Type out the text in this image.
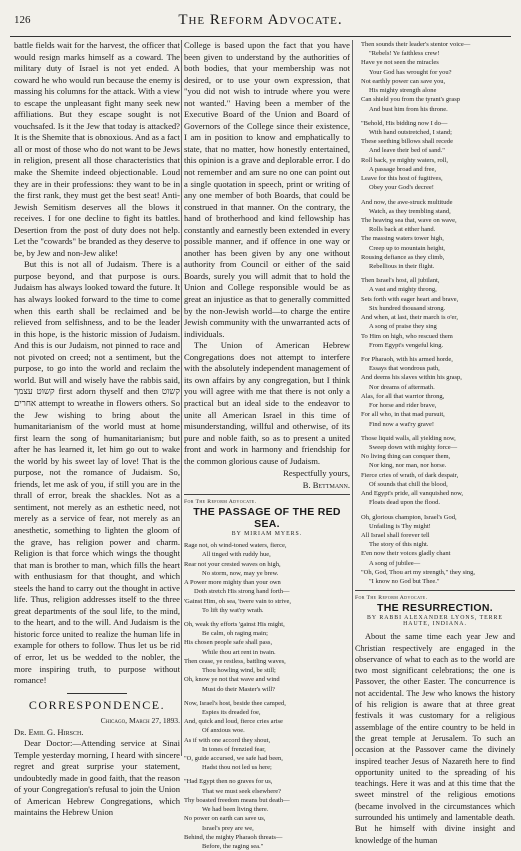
126	The Reform Advocate.

battle fields wait for the harvest, the officer that would resign marks himself as a coward. The military duty of Israel is not yet ended. A coward he who would run because the enemy is massing his columns for the attack. With a view to escape the unpleasant fight many seek new affiliations. But they escape sought is not vouchsafed. Is it the Jew that today is attacked? It is the Shemite that is obnoxious. And as a fact all or most of those who do not want to be Jews in religion, present all those characteristics that make the Shemite indeed objectionable. Loud they are in their professions: they want to be in the first rank, they must get the best seat! Anti-Jewish Semitism deserves all the blows it receives. I for one decline to fight its battles. Desertion from the post of duty does not help. Let the "cowards" be branded as they deserve to be, by Jew and non-Jew alike!

But this is not all of Judaism. There is a purpose beyond, and that purpose is ours. Judaism has always looked toward the future. It has always looked forward to the time to come when this earth shall be reclaimed and be relieved from selfishness, and to be the leader in this hope, is the historic mission of Judaism. And this is our Judaism, not pinned to race and not pivoted on creed; not a sentiment, but the purpose, to go into the world and reclaim the world. But will and wisely have the rabbis said, קשוט עצמך first adorn thyself and then קשוט אחרים attempt to wreathe in flowers others. So the Jew wishing to bring about the humanitarianism of the world must at home first learn the song of humanitarianism; but after he has learned it, let him go out to wake the world by his sweet lay of love! That is the purpose, not the romance of Judaism. So, friends, let me ask of you, if still you are in the thrall of error, break the shackles. Not as a sentiment, not merely as an esthetic need, not merely as a service of fear, not merely as an anesthetic, something to lighten the gloom of the grave, has religion power and charm. Religion is that force which wings the thought that man is brother to man, which fills the heart with enthusiasm for that thought, and which steels the hand to carry out the thought in active life. Thus, religion addresses itself to the three great departments of the soul life, to the mind, to the heart, and to the will. And Judaism is the historic force united to realize the human life in example for others to follow. Thus let us be rid of error, let us be wedded to the nobler, the more inspiring truth, to purpose without romance!

CORRESPONDENCE.
Chicago, March 27, 1893.

Dr. Emil G. Hirsch.

Dear Doctor:—Attending service at Sinai Temple yesterday morning, I heard with sincere regret and great surprise your statement, undoubtedly made in good faith, that the reason of your Congregation's refusal to join the Union of American Hebrew Congregations, which maintains the Hebrew Union

College is based upon the fact that you have been given to understand by the authorities of both bodies, that your membership was not desired, or to use your own expression, that "you did not wish to intrude where you were not wanted." Having been a member of the Executive Board of the Union and Board of Governors of the College since their existence, I am in position to know and emphatically to state, that no matter, how honestly entertained, this opinion is a grave and deplorable error. I do not remember and am sure no one can point out a single quotation in speech, print or writing of any one member of both Boards, that could be construed in that manner. On the contrary, the hand of brotherhood and kind fellowship has constantly and earnestly been extended in every possible manner, and if offence in one way or another has been given by any one without authority from Council or either of the said Boards, surely you will admit that to hold the Union and College responsible would be as great an injustice as that to generally committed by the non-Jewish world—to charge the entire Jewish community with the unwarranted acts of individuals.

The Union of American Hebrew Congregations does not attempt to interfere with the absolutely independent management of its own affairs by any congregation, but I think you will agree with me that there is not only a practical but an ideal side to the endeavor to unite all American Israel in this time of misunderstanding, willful and otherwise, of its pure and noble faith, so as to present a united front and work in harmony and friendship for the common glorious cause of Judaism.

Respectfully yours,
B. Bettmann.
For The Reform Advocate.
THE PASSAGE OF THE RED SEA.
BY MIRIAM MYERS.
Rage not, oh wind-toned waters, fierce,
All tinged with ruddy hue,
Rear not your crested waves on high,
No storm, now, may ye brew.
A Power more mighty than your own
Doth stretch His strong hand forth—
'Gainst Him, oh sea, 'twere vain to strive,
To lift thy wat'ry wrath.
Oh, weak thy efforts 'gainst His might,
Be calm, oh raging main;
His chosen people safe shall pass,
While thou art rent in twain.
Then cease, ye restless, battling waves,
Thou howling wind, be still;
Oh, know ye not that wave and wind
Must do their Master's will?
Now, Israel's host, beside thee camped,
Espies its dreaded foe,
And, quick and loud, fierce cries arise
Of anxious woe.
As if with one accord they shout,
In tones of frenzied fear,
"O, guide accursed, we safe had been,
Hadst thou not led us here;
"Had Egypt then no graves for us,
That we must seek elsewhere?
Thy boasted freedom means but death—
We had been living there.
No power on earth can save us,
Israel's prey are we,
Behind, the mighty Pharaoh threats—
Before, the raging sea."
Then sounds their leader's stentor voice—
"Rebels! Ye faithless crew!
Have ye not seen the miracles
Your God has wrought for you?
Not earthly power can save you,
His mighty strength alone
Can shield you from the tyrant's grasp
And bust him from his throne.
"Behold, His bidding now I do—
With hand outstretched, I stand;
These seething billows shall recede
And leave their bed of sand."
Roll back, ye mighty waters, roll,
A passage broad and free,
Leave for this host of fugitives,
Obey your God's decree!
And now, the awe-struck multitude
Watch, as they trembling stand,
The heaving sea that, wave on wave,
Rolls back at either hand.
The massing waters tower high,
Creep up to mountain height,
Rousing defiance as they climb,
Rebellious in their flight.
Then Israel's host, all jubilant,
A vast and mighty throng,
Sets forth with eager heart and brave,
Six hundred thousand strong.
And when, at last, their march is o'er,
A song of praise they sing
To Him on high, who rescued them
From Egypt's vengeful king.
For Pharaoh, with his armed horde,
Essays that wondrous path,
And deems his slaves within his grasp,
Nor dreams of aftermath.
Alas, for all that warrior throng,
For horse and rider brave,
For all who, in that mad pursuit,
Find now a wat'ry grave!
Those liquid walls, all yielding now,
Sweep down with mighty force—
No living thing can conquer them,
Nor king, nor man, nor horse.
Fierce cries of wrath, of dark despair,
Of sounds that chill the blood,
And Egypt's pride, all vanquished now,
Floats dead upon the flood.
Oh, glorious champion, Israel's God,
Unfailing is Thy might!
All Israel shall forever tell
The story of this night.
E'en now their voices gladly chant
A song of jubilee—
"Oh, God, Thou art my strength," they sing,
"I know no God but Thee."
For The Reform Advocate.
THE RESURRECTION.
BY RABBI ALEXANDER LYONS, TERRE HAUTE, INDIANA.

About the same time each year Jew and Christian respectively are engaged in the observance of what to each as to the world are two most significant celebrations; the one is Passover, the other Easter. The concurrence is not accidental. The Jew who knows the history of his religion is aware that at three great festivals it was customary for a religious assemblage of the entire country to be held in the great temple at Jerusalem. To such an occasion at the Passover came the divinely inspired teacher Jesus of Nazareth here to find opportunity united to the spreading of his teachings. Here it was and at this time that the sweet minstrel of the religious emotions (became involved in the circumstances which surrounded his untimely and lamentable death. But he himself with divine insight and knowledge of the human
